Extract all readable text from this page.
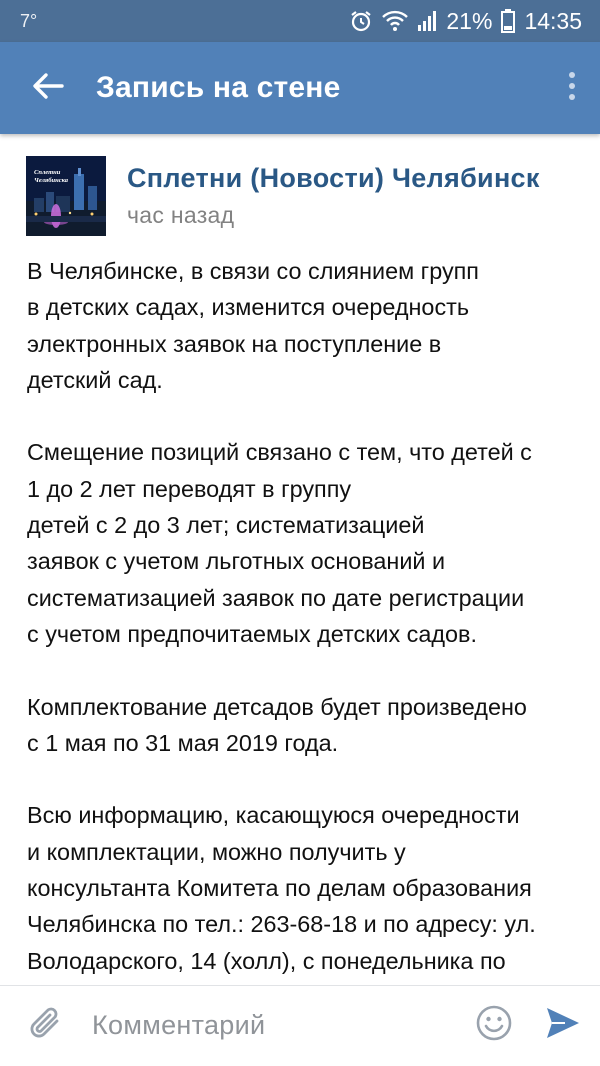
7°	21% 14:35
Запись на стене
Сплетни
Челябинска Сплетни (Новости) Челябинск
час назад
В Челябинске, в связи со слиянием групп
в детских садах, изменится очередность
электронных заявок на поступление в
детский сад.
Смещение позиций связано с тем, что детей с
1 до 2 лет переводят в группу
детей с 2 до 3 лет; систематизацией
заявок с учетом льготных оснований и
систематизацией заявок по дате регистрации
с учетом предпочитаемых детских садов.
Комплектование детсадов будет произведено
с 1 мая по 31 мая 2019 года.
Всю информацию, касающуюся очередности
и комплектации, можно получить у
консультанта Комитета по делам образования
Челябинска по тел.: 263-68-18 и по адресу: ул.
Володарского, 14 (холл), с понедельника по
Комментарий
